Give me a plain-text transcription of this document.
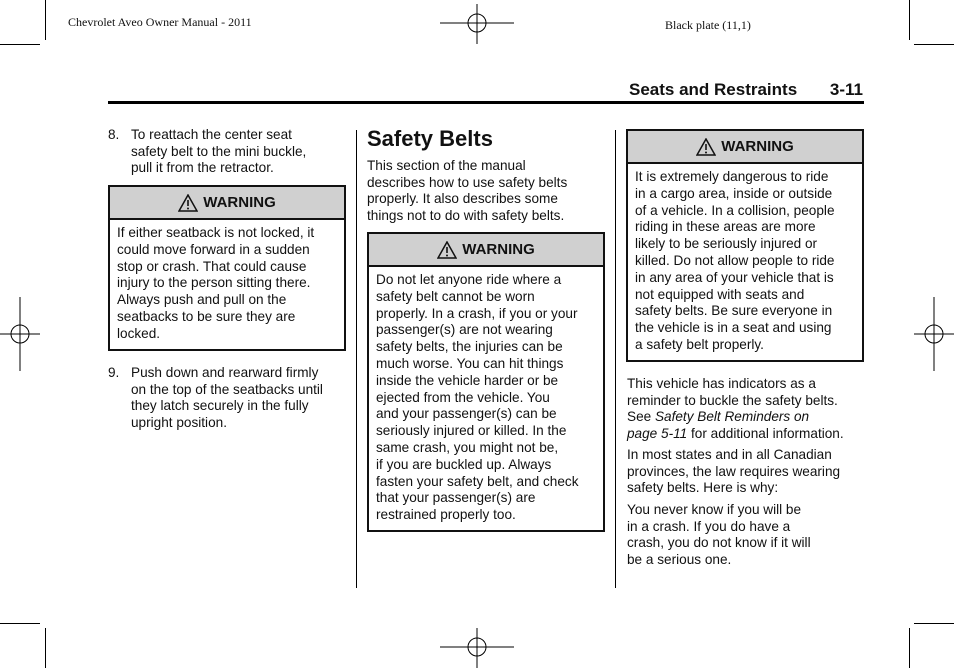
Chevrolet Aveo Owner Manual - 2011	Black plate (11,1)
Seats and Restraints 3-11
8. To reattach the center seat
safety belt to the mini buckle,
pull it from the retractor.
WARNING
If either seatback is not locked, it
could move forward in a sudden
stop or crash. That could cause
injury to the person sitting there.
Always push and pull on the
seatbacks to be sure they are
locked.
9. Push down and rearward firmly
on the top of the seatbacks until
they latch securely in the fully
upright position.
Safety Belts
This section of the manual
describes how to use safety belts
properly. It also describes some
things not to do with safety belts.
WARNING
Do not let anyone ride where a
safety belt cannot be worn
properly. In a crash, if you or your
passenger(s) are not wearing
safety belts, the injuries can be
much worse. You can hit things
inside the vehicle harder or be
ejected from the vehicle. You
and your passenger(s) can be
seriously injured or killed. In the
same crash, you might not be,
if you are buckled up. Always
fasten your safety belt, and check
that your passenger(s) are
restrained properly too.
WARNING
It is extremely dangerous to ride
in a cargo area, inside or outside
of a vehicle. In a collision, people
riding in these areas are more
likely to be seriously injured or
killed. Do not allow people to ride
in any area of your vehicle that is
not equipped with seats and
safety belts. Be sure everyone in
the vehicle is in a seat and using
a safety belt properly.
This vehicle has indicators as a
reminder to buckle the safety belts.
See Safety Belt Reminders on
page 5-11 for additional information.
In most states and in all Canadian
provinces, the law requires wearing
safety belts. Here is why:
You never know if you will be
in a crash. If you do have a
crash, you do not know if it will
be a serious one.
